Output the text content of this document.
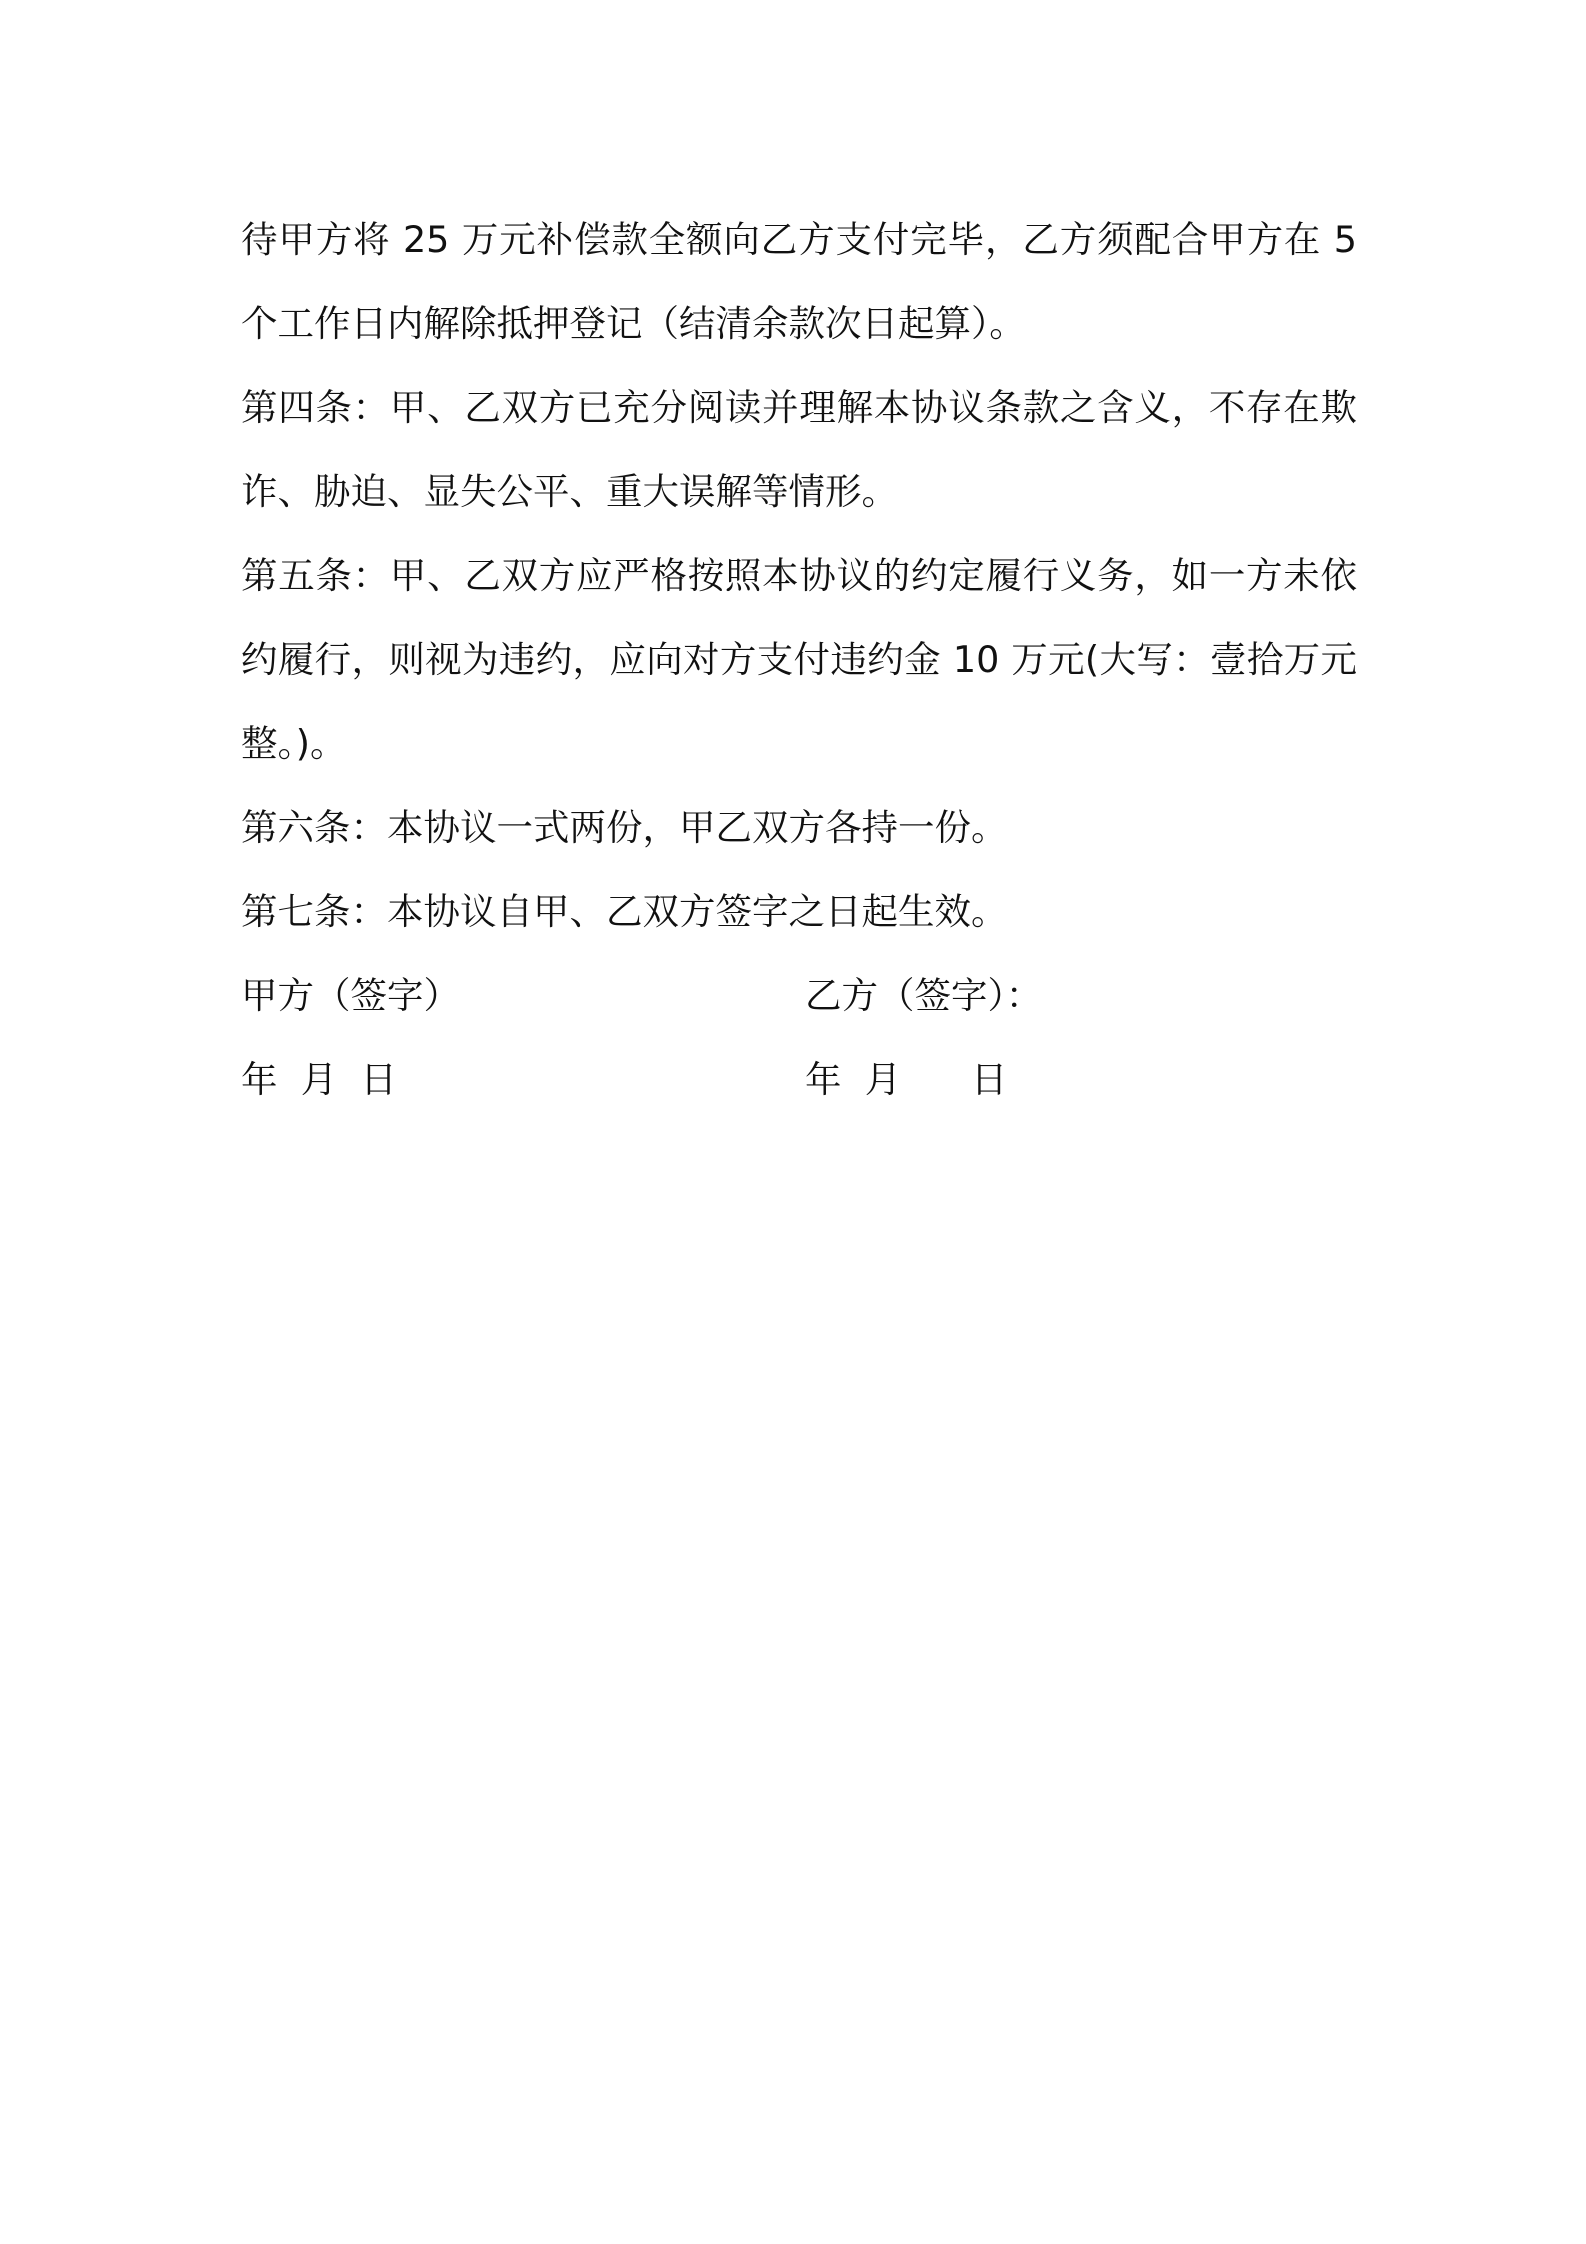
待甲方将 25 万元补偿款全额向乙方支付完毕，乙方须配合甲方在 5
个工作日内解除抵押登记（结清余款次日起算）。

第四条：甲、乙双方已充分阅读并理解本协议条款之含义，不存在欺
诈、胁迫、显失公平、重大误解等情形。

第五条：甲、乙双方应严格按照本协议的约定履行义务，如一方未依
约履行，则视为违约，应向对方支付违约金 10 万元(大写：壹拾万元
整。)。

第六条：本协议一式两份，甲乙双方各持一份。

第七条：本协议自甲、乙双方签字之日起生效。

甲方（签字）

	乙方（签字）：

年  月  日

	年  月      日
